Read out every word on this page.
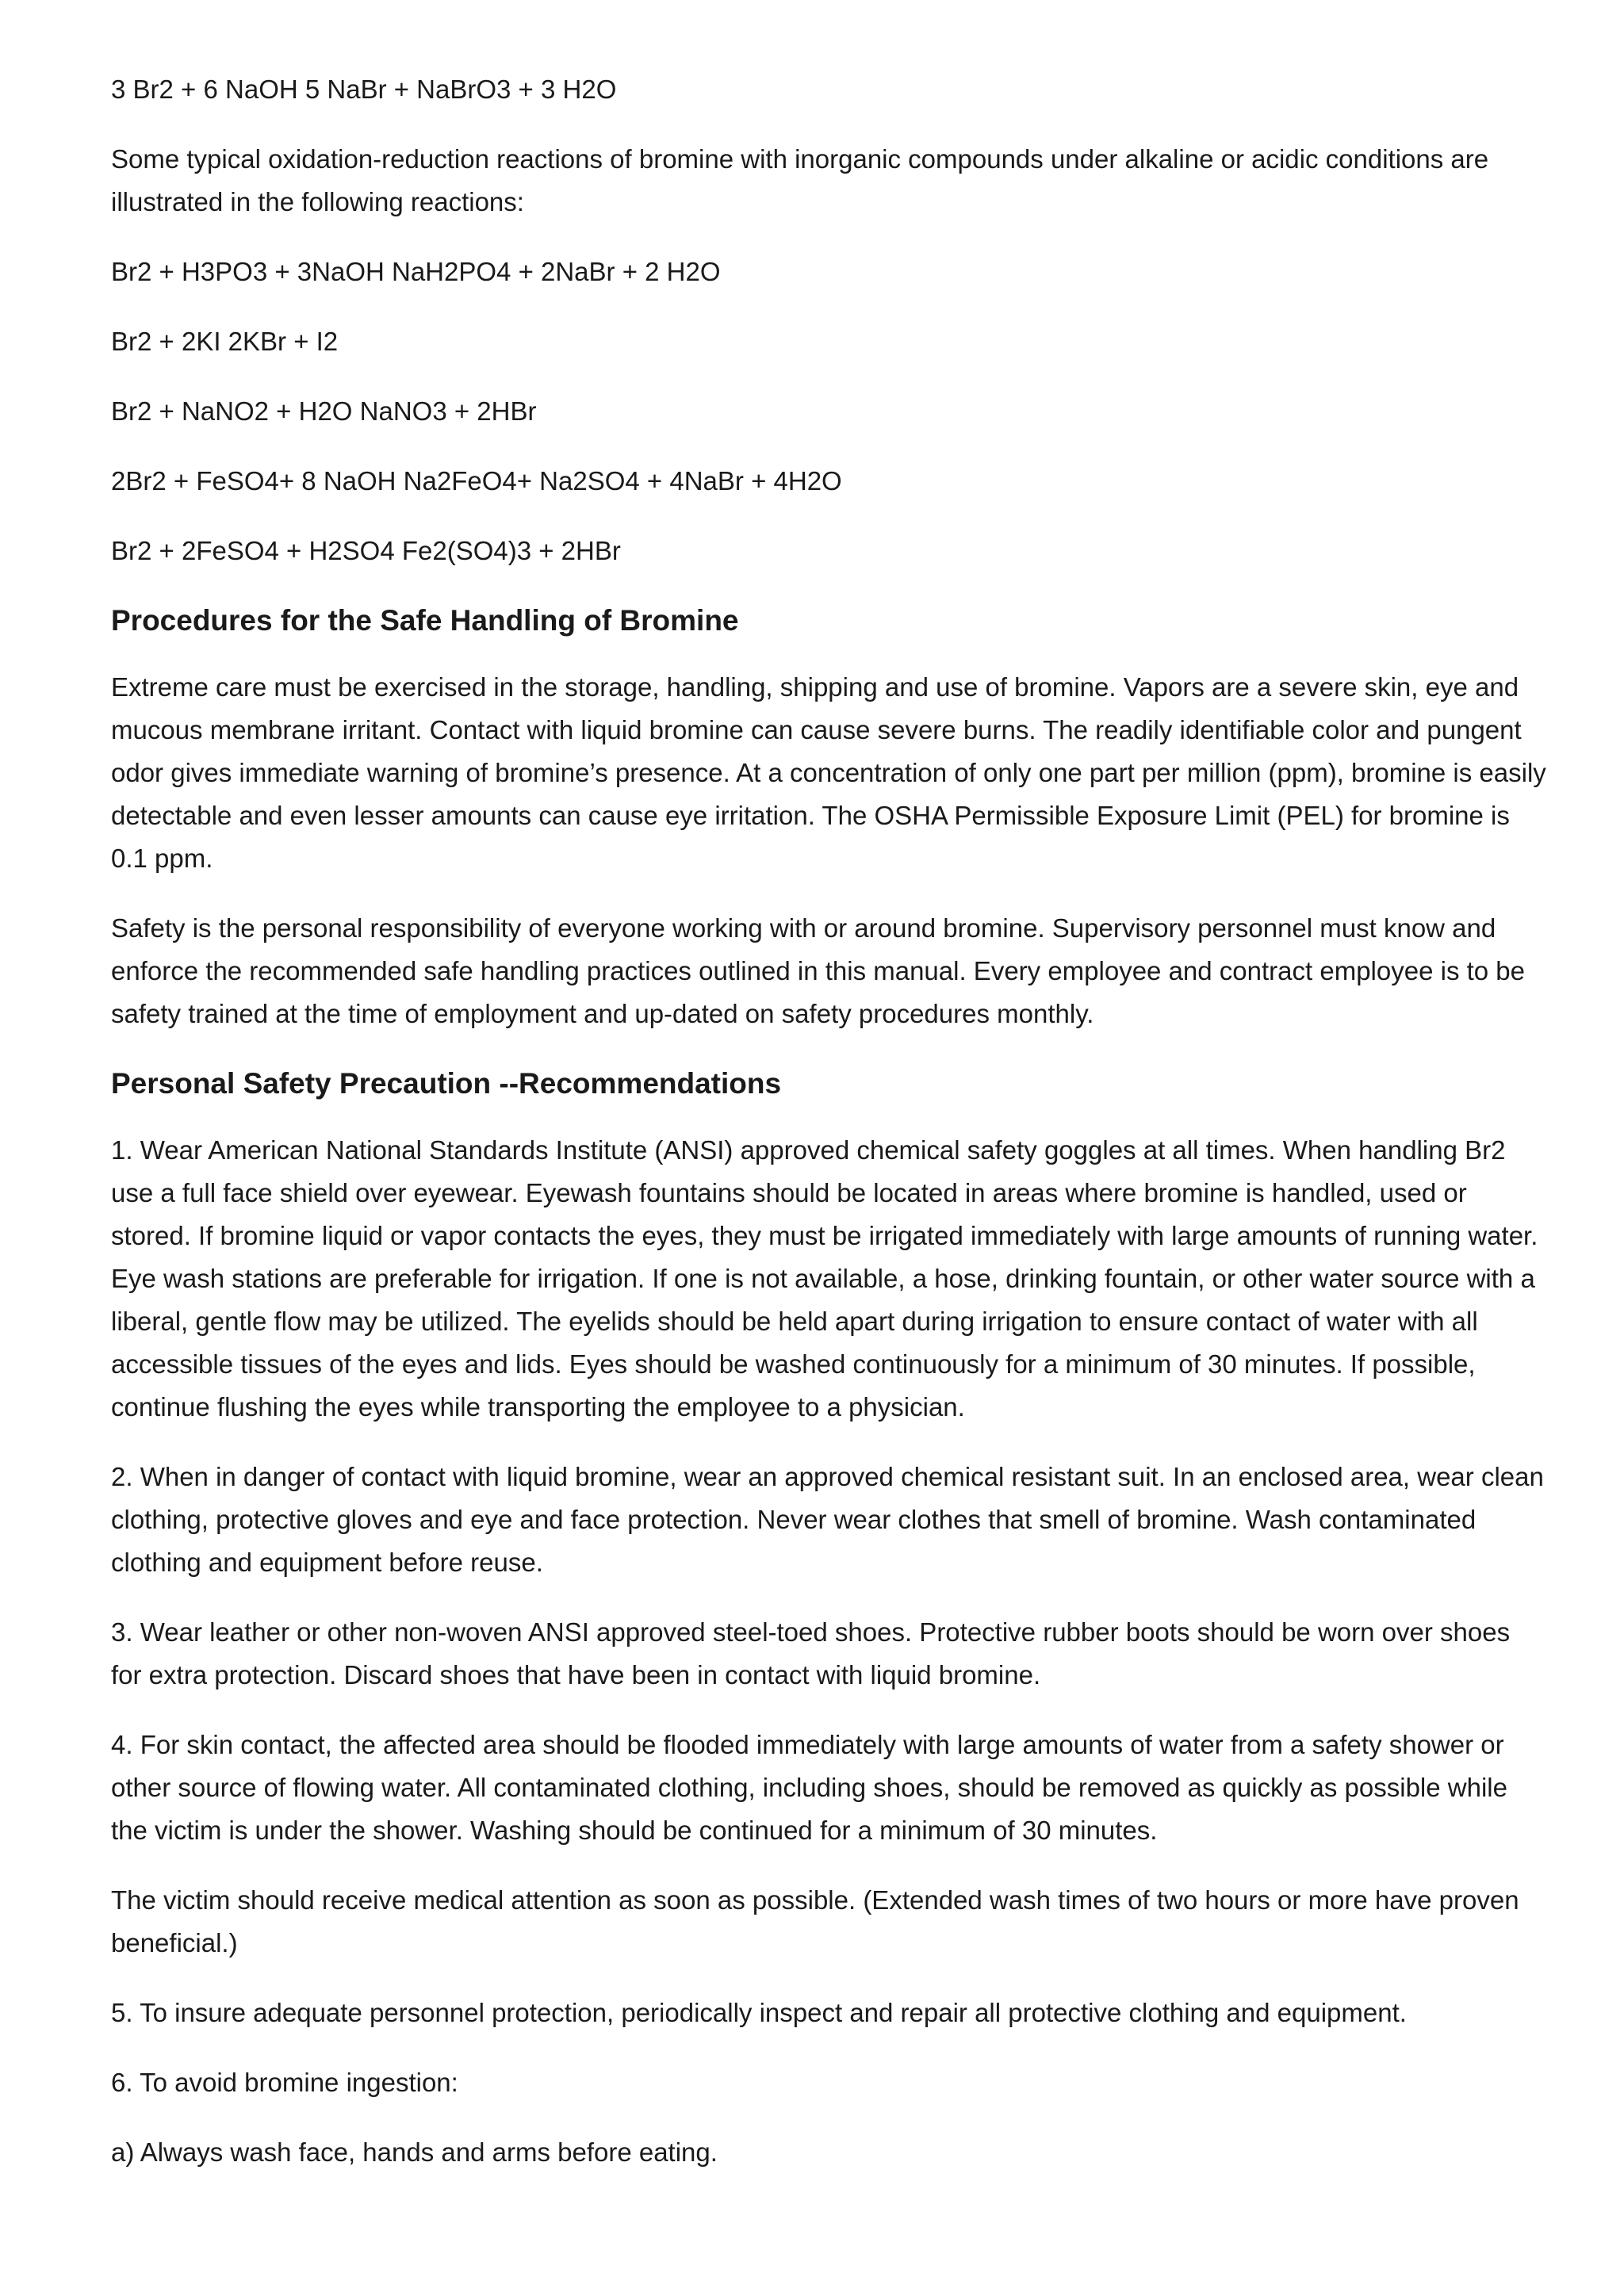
3 Br2 + 6 NaOH 5 NaBr + NaBrO3 + 3 H2O

Some typical oxidation-reduction reactions of bromine with inorganic compounds under alkaline or acidic conditions are illustrated in the following reactions:

Br2 + H3PO3 + 3NaOH NaH2PO4 + 2NaBr + 2 H2O
Br2 + 2KI 2KBr + I2
Br2 + NaNO2 + H2O NaNO3 + 2HBr
2Br2 + FeSO4+ 8 NaOH Na2FeO4+ Na2SO4 + 4NaBr + 4H2O
Br2 + 2FeSO4 + H2SO4 Fe2(SO4)3 + 2HBr
Procedures for the Safe Handling of Bromine

Extreme care must be exercised in the storage, handling, shipping and use of bromine. Vapors are a severe skin, eye and mucous membrane irritant. Contact with liquid bromine can cause severe burns. The readily identifiable color and pungent odor gives immediate warning of bromine’s presence. At a concentration of only one part per million (ppm), bromine is easily detectable and even lesser amounts can cause eye irritation. The OSHA Permissible Exposure Limit (PEL) for bromine is 0.1 ppm.

Safety is the personal responsibility of everyone working with or around bromine. Supervisory personnel must know and enforce the recommended safe handling practices outlined in this manual. Every employee and contract employee is to be safety trained at the time of employment and up-dated on safety procedures monthly.

Personal Safety Precaution --Recommendations

1. Wear American National Standards Institute (ANSI) approved chemical safety goggles at all times. When handling Br2 use a full face shield over eyewear. Eyewash fountains should be located in areas where bromine is handled, used or stored. If bromine liquid or vapor contacts the eyes, they must be irrigated immediately with large amounts of running water. Eye wash stations are preferable for irrigation. If one is not available, a hose, drinking fountain, or other water source with a liberal, gentle flow may be utilized. The eyelids should be held apart during irrigation to ensure contact of water with all accessible tissues of the eyes and lids. Eyes should be washed continuously for a minimum of 30 minutes. If possible, continue flushing the eyes while transporting the employee to a physician.

2. When in danger of contact with liquid bromine, wear an approved chemical resistant suit. In an enclosed area, wear clean clothing, protective gloves and eye and face protection. Never wear clothes that smell of bromine. Wash contaminated clothing and equipment before reuse.

3. Wear leather or other non-woven ANSI approved steel-toed shoes. Protective rubber boots should be worn over shoes for extra protection. Discard shoes that have been in contact with liquid bromine.

4. For skin contact, the affected area should be flooded immediately with large amounts of water from a safety shower or other source of flowing water. All contaminated clothing, including shoes, should be removed as quickly as possible while the victim is under the shower. Washing should be continued for a minimum of 30 minutes.

The victim should receive medical attention as soon as possible. (Extended wash times of two hours or more have proven beneficial.)

5. To insure adequate personnel protection, periodically inspect and repair all protective clothing and equipment.

6. To avoid bromine ingestion:

a) Always wash face, hands and arms before eating.
